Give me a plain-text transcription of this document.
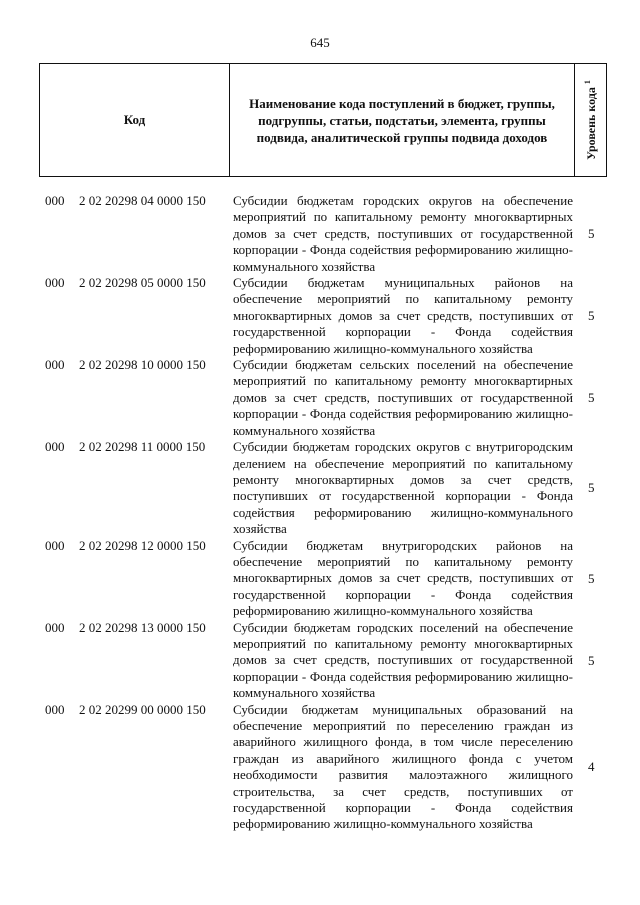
645
Код
Наименование кода поступлений в бюджет, группы, подгруппы, статьи, подстатьи, элемента, группы подвида, аналитической группы подвида доходов	Уровень кода $^1$
000 2 02 20298 04 0000 150 Субсидии бюджетам городских округов на обеспечение мероприятий по капитальному ремонту многоквартирных домов за счет средств, поступивших от государственной корпорации - Фонда содействия реформированию жилищно-коммунального хозяйства
5
000 2 02 20298 05 0000 150 Субсидии бюджетам муниципальных районов на обеспечение мероприятий по капитальному ремонту многоквартирных домов за счет средств, поступивших от государственной корпорации - Фонда содействия реформированию жилищно-коммунального хозяйства
5
000 2 02 20298 10 0000 150 Субсидии бюджетам сельских поселений на обеспечение мероприятий по капитальному ремонту многоквартирных домов за счет средств, поступивших от государственной корпорации - Фонда содействия реформированию жилищно-коммунального хозяйства
5
000 2 02 20298 11 0000 150 Субсидии бюджетам городских округов с внутригородским делением на обеспечение мероприятий по капитальному ремонту многоквартирных домов за счет средств, поступивших от государственной корпорации - Фонда содействия реформированию жилищно-коммунального хозяйства
5
000 2 02 20298 12 0000 150 Субсидии бюджетам внутригородских районов на обеспечение мероприятий по капитальному ремонту многоквартирных домов за счет средств, поступивших от государственной корпорации - Фонда содействия реформированию жилищно-коммунального хозяйства
5
000 2 02 20298 13 0000 150 Субсидии бюджетам городских поселений на обеспечение мероприятий по капитальному ремонту многоквартирных домов за счет средств, поступивших от государственной корпорации - Фонда содействия реформированию жилищно-коммунального хозяйства
5
000 2 02 20299 00 0000 150 Субсидии бюджетам муниципальных образований на обеспечение мероприятий по переселению граждан из аварийного жилищного фонда, в том числе переселению граждан из аварийного жилищного фонда с учетом необходимости развития малоэтажного жилищного строительства, за счет средств, поступивших от государственной корпорации - Фонда содействия реформированию жилищно-коммунального хозяйства
4
